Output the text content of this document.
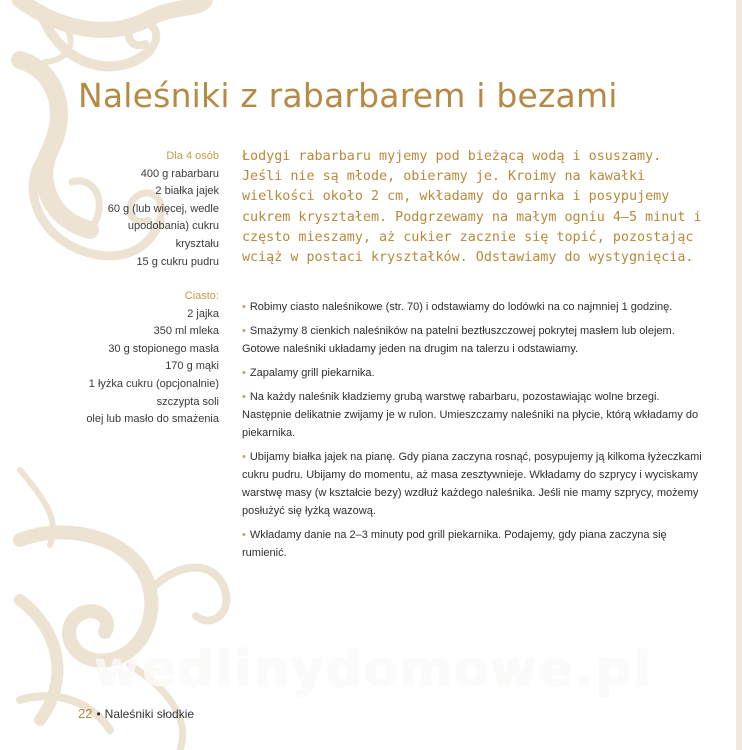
Naleśniki z rabarbarem i bezami
Dla 4 osób
400 g rabarbaru
2 białka jajek
60 g (lub więcej, wedle
upodobania) cukru
kryształu
15 g cukru pudru
Ciasto:
2 jajka
350 ml mleka
30 g stopionego masła
170 g mąki
1 łyżka cukru (opcjonalnie)
szczypta soli
olej lub masło do smażenia

Łodygi rabarbaru myjemy pod bieżącą wodą i osuszamy. Jeśli nie są młode, obieramy je. Kroimy na kawałki wielkości około 2 cm, wkładamy do garnka i posypujemy cukrem kryształem. Podgrzewamy na małym ogniu 4–5 minut i często mieszamy, aż cukier zacznie się topić, pozostając wciąż w postaci kryształków. Odstawiamy do wystygnięcia.

• Robimy ciasto naleśnikowe (str. 70) i odstawiamy do lodówki na co najmniej 1 godzinę.

• Smażymy 8 cienkich naleśników na patelni beztłuszczowej pokrytej masłem lub olejem. Gotowe naleśniki układamy jeden na drugim na talerzu i odstawiamy.

• Zapalamy grill piekarnika.

• Na każdy naleśnik kładziemy grubą warstwę rabarbaru, pozostawiając wolne brzegi. Następnie delikatnie zwijamy je w rulon. Umieszczamy naleśniki na płycie, którą wkładamy do piekarnika.

• Ubijamy białka jajek na pianę. Gdy piana zaczyna rosnąć, posypujemy ją kilkoma łyżeczkami cukru pudru. Ubijamy do momentu, aż masa zesztywnieje. Wkładamy do szprycy i wyciskamy warstwę masy (w kształcie bezy) wzdłuż każdego naleśnika. Jeśli nie mamy szprycy, możemy posłużyć się łyżką wazową.

• Wkładamy danie na 2–3 minuty pod grill piekarnika. Podajemy, gdy piana zaczyna się rumienić.

wedlinydomowe.pl
22 • Naleśniki słodkie
